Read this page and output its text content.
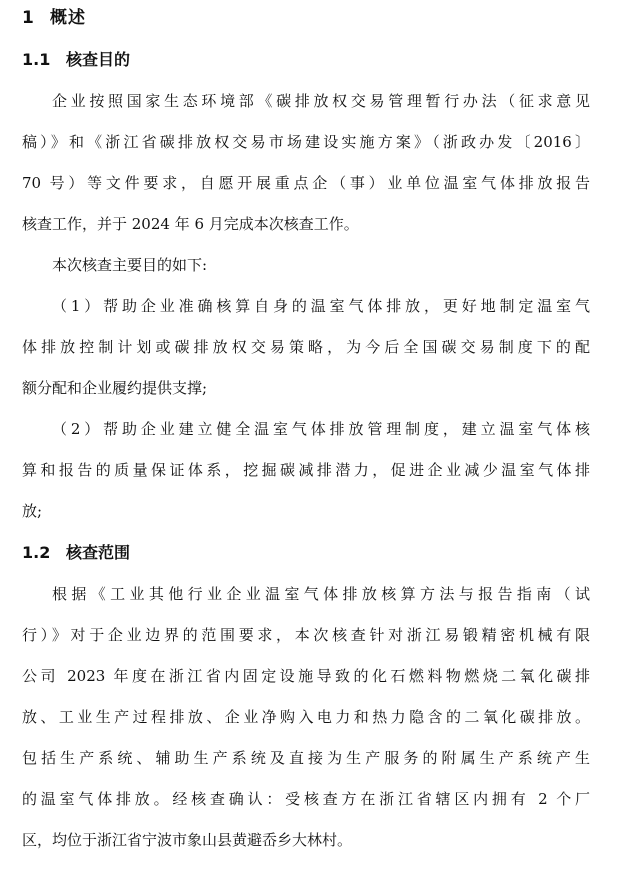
1 概述
1.1 核查目的
企业按照国家生态环境部《碳排放权交易管理暂行办法（征求意见
稿）》和《浙江省碳排放权交易市场建设实施方案》（浙政办发〔2016〕
70 号）等文件要求，自愿开展重点企（事）业单位温室气体排放报告
核查工作，并于 2024 年 6 月完成本次核查工作。
本次核查主要目的如下:
（1）帮助企业准确核算自身的温室气体排放，更好地制定温室气
体排放控制计划或碳排放权交易策略，为今后全国碳交易制度下的配
额分配和企业履约提供支撑;
（2）帮助企业建立健全温室气体排放管理制度，建立温室气体核
算和报告的质量保证体系，挖掘碳减排潜力，促进企业减少温室气体排
放;
1.2 核查范围
根据《工业其他行业企业温室气体排放核算方法与报告指南（试
行）》对于企业边界的范围要求，本次核查针对浙江易锻精密机械有限
公司 2023 年度在浙江省内固定设施导致的化石燃料物燃烧二氧化碳排
放、工业生产过程排放、企业净购入电力和热力隐含的二氧化碳排放。
包括生产系统、辅助生产系统及直接为生产服务的附属生产系统产生
的温室气体排放。经核查确认：受核查方在浙江省辖区内拥有 2 个厂
区，均位于浙江省宁波市象山县黄避岙乡大林村。
